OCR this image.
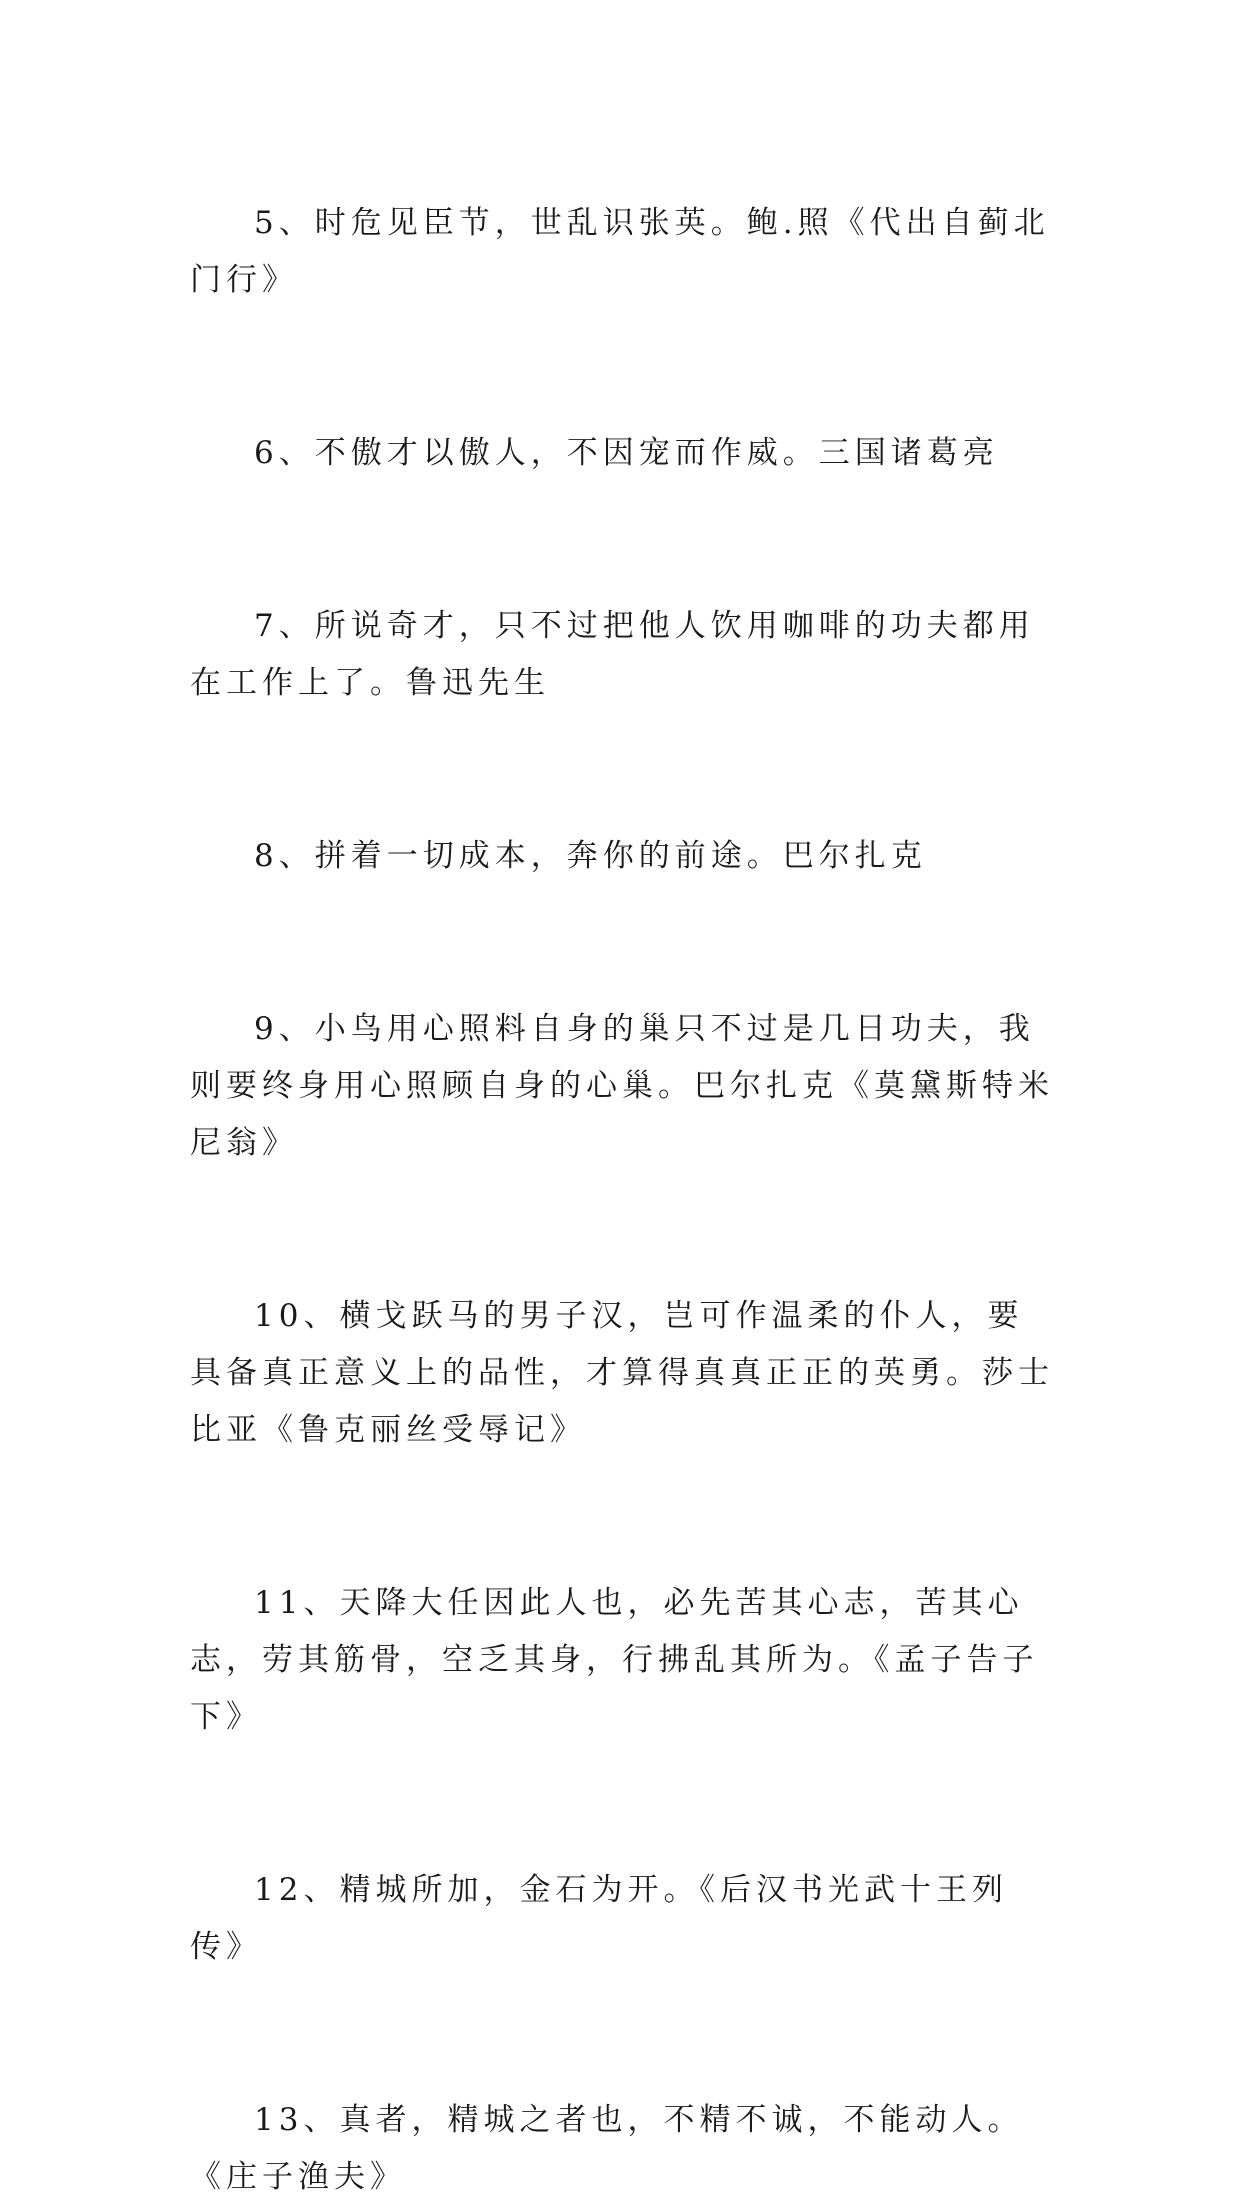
5、时危见臣节，世乱识张英。鲍.照《代出自蓟北门行》

6、不傲才以傲人，不因宠而作威。三国诸葛亮

7、所说奇才，只不过把他人饮用咖啡的功夫都用在工作上了。鲁迅先生

8、拼着一切成本，奔你的前途。巴尔扎克

9、小鸟用心照料自身的巢只不过是几日功夫，我则要终身用心照顾自身的心巢。巴尔扎克《莫黛斯特米尼翁》

10、横戈跃马的男子汉，岂可作温柔的仆人，要具备真正意义上的品性，才算得真真正正的英勇。莎士比亚《鲁克丽丝受辱记》

11、天降大任因此人也，必先苦其心志，苦其心志，劳其筋骨，空乏其身，行拂乱其所为。《孟子告子下》

12、精城所加，金石为开。《后汉书光武十王列传》

13、真者，精城之者也，不精不诚，不能动人。《庄子渔夫》
